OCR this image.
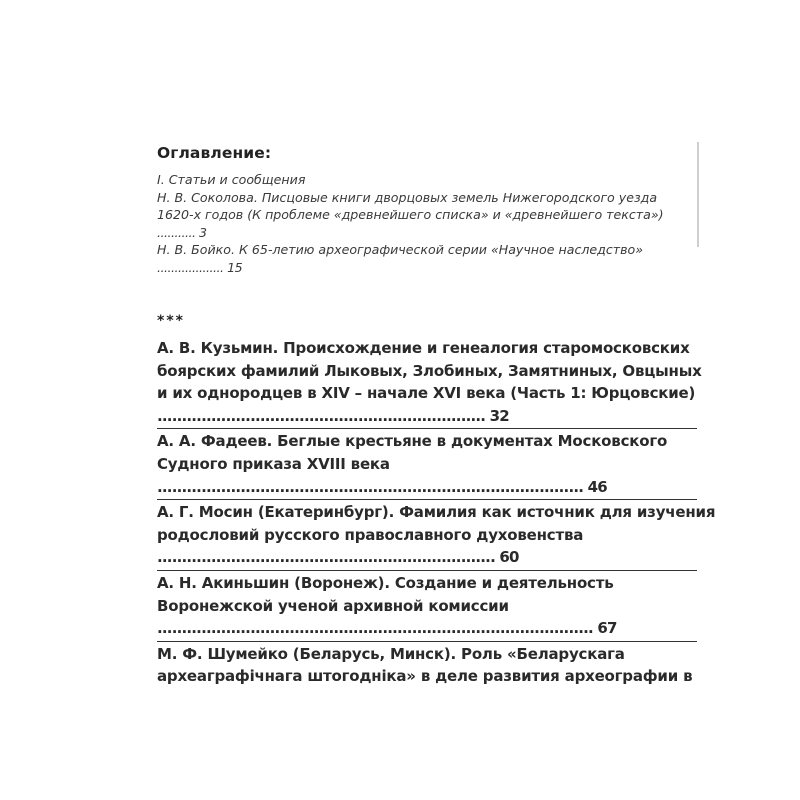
Оглавление:
I. Статьи и сообщения
Н. В. Соколова. Писцовые книги дворцовых земель Нижегородского уезда
1620-х годов (К проблеме «древнейшего списка» и «древнейшего текста»)
........... 3
Н. В. Бойко. К 65-летию археографической серии «Научное наследство»
................... 15
***
А. В. Кузьмин. Происхождение и генеалогия старомосковских
боярских фамилий Лыковых, Злобиных, Замятниных, Овцыных
и их однородцев в XIV – начале XVI века (Часть 1: Юрцовские)
................................................................... 32
А. А. Фадеев. Беглые крестьяне в документах Московского
Судного приказа XVIII века
....................................................................................... 46
А. Г. Мосин (Екатеринбург). Фамилия как источник для изучения
родословий русского православного духовенства
..................................................................... 60
А. Н. Акиньшин (Воронеж). Создание и деятельность
Воронежской ученой архивной комиссии
......................................................................................... 67
М. Ф. Шумейко (Беларусь, Минск). Роль «Беларускага
археаграфічнага штогодніка» в деле развития археографии в
